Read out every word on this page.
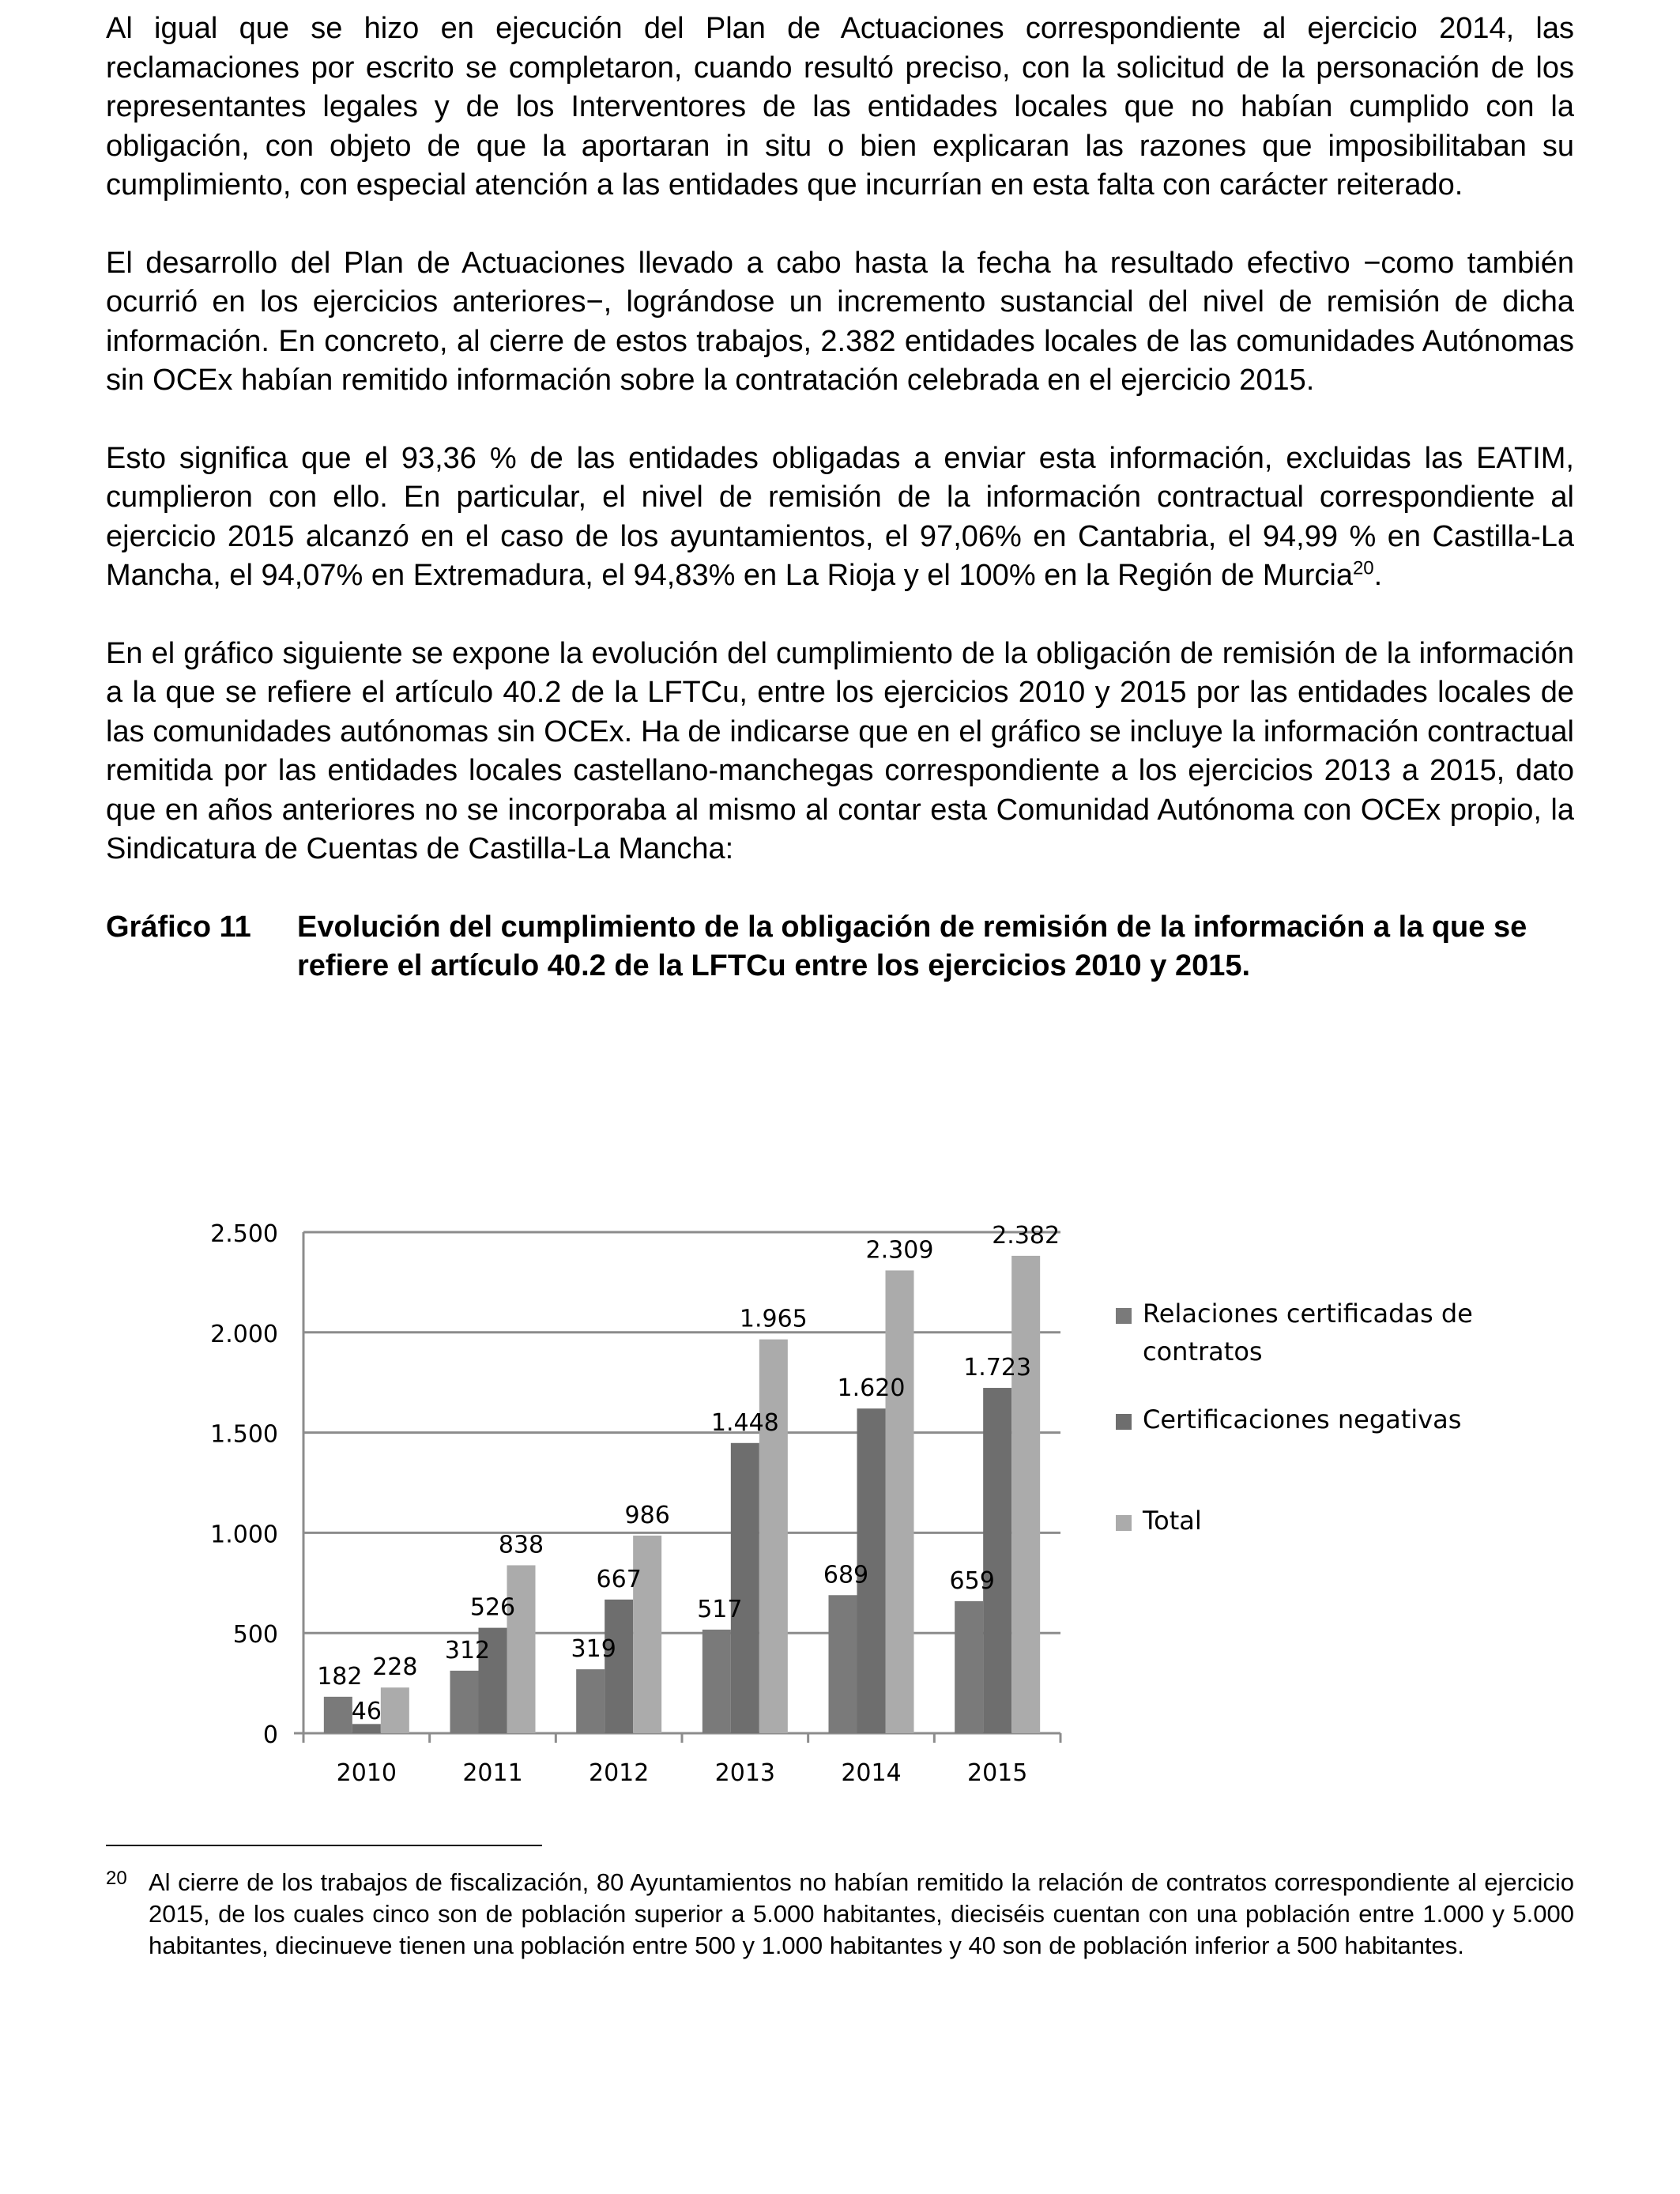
Al igual que se hizo en ejecución del Plan de Actuaciones correspondiente al ejercicio 2014, las reclamaciones por escrito se completaron, cuando resultó preciso, con la solicitud de la personación de los representantes legales y de los Interventores de las entidades locales que no habían cumplido con la obligación, con objeto de que la aportaran in situ o bien explicaran las razones que imposibilitaban su cumplimiento, con especial atención a las entidades que incurrían en esta falta con carácter reiterado.

El desarrollo del Plan de Actuaciones llevado a cabo hasta la fecha ha resultado efectivo −como también ocurrió en los ejercicios anteriores−, lográndose un incremento sustancial del nivel de remisión de dicha información. En concreto, al cierre de estos trabajos, 2.382 entidades locales de las comunidades Autónomas sin OCEx habían remitido información sobre la contratación celebrada en el ejercicio 2015.

Esto significa que el 93,36 % de las entidades obligadas a enviar esta información, excluidas las EATIM, cumplieron con ello. En particular, el nivel de remisión de la información contractual correspondiente al ejercicio 2015 alcanzó en el caso de los ayuntamientos, el 97,06% en Cantabria, el 94,99 % en Castilla-La Mancha, el 94,07% en Extremadura, el 94,83% en La Rioja y el 100% en la Región de Murcia$^{20}$.

En el gráfico siguiente se expone la evolución del cumplimiento de la obligación de remisión de la información a la que se refiere el artículo 40.2 de la LFTCu, entre los ejercicios 2010 y 2015 por las entidades locales de las comunidades autónomas sin OCEx. Ha de indicarse que en el gráfico se incluye la información contractual remitida por las entidades locales castellano-manchegas correspondiente a los ejercicios 2013 a 2015, dato que en años anteriores no se incorporaba al mismo al contar esta Comunidad Autónoma con OCEx propio, la Sindicatura de Cuentas de Castilla-La Mancha:

Gráfico 11	Evolución del cumplimiento de la obligación de remisión de la información a la que se refiere el artículo 40.2 de la LFTCu entre los ejercicios 2010 y 2015.
0
500
1.000
1.500
2.000
2.500
2010
182
46
228
2011
312
526
838
2012
319
667
986
2013
517
1.448
1.965
2014
689
1.620
2.309
2015
659
1.723
2.382
Relaciones certificadas de contratos
Certificaciones negativas
Total
20 Al cierre de los trabajos de fiscalización, 80 Ayuntamientos no habían remitido la relación de contratos correspondiente al ejercicio 2015, de los cuales cinco son de población superior a 5.000 habitantes, dieciséis cuentan con una población entre 1.000 y 5.000 habitantes, diecinueve tienen una población entre 500 y 1.000 habitantes y 40 son de población inferior a 500 habitantes.
